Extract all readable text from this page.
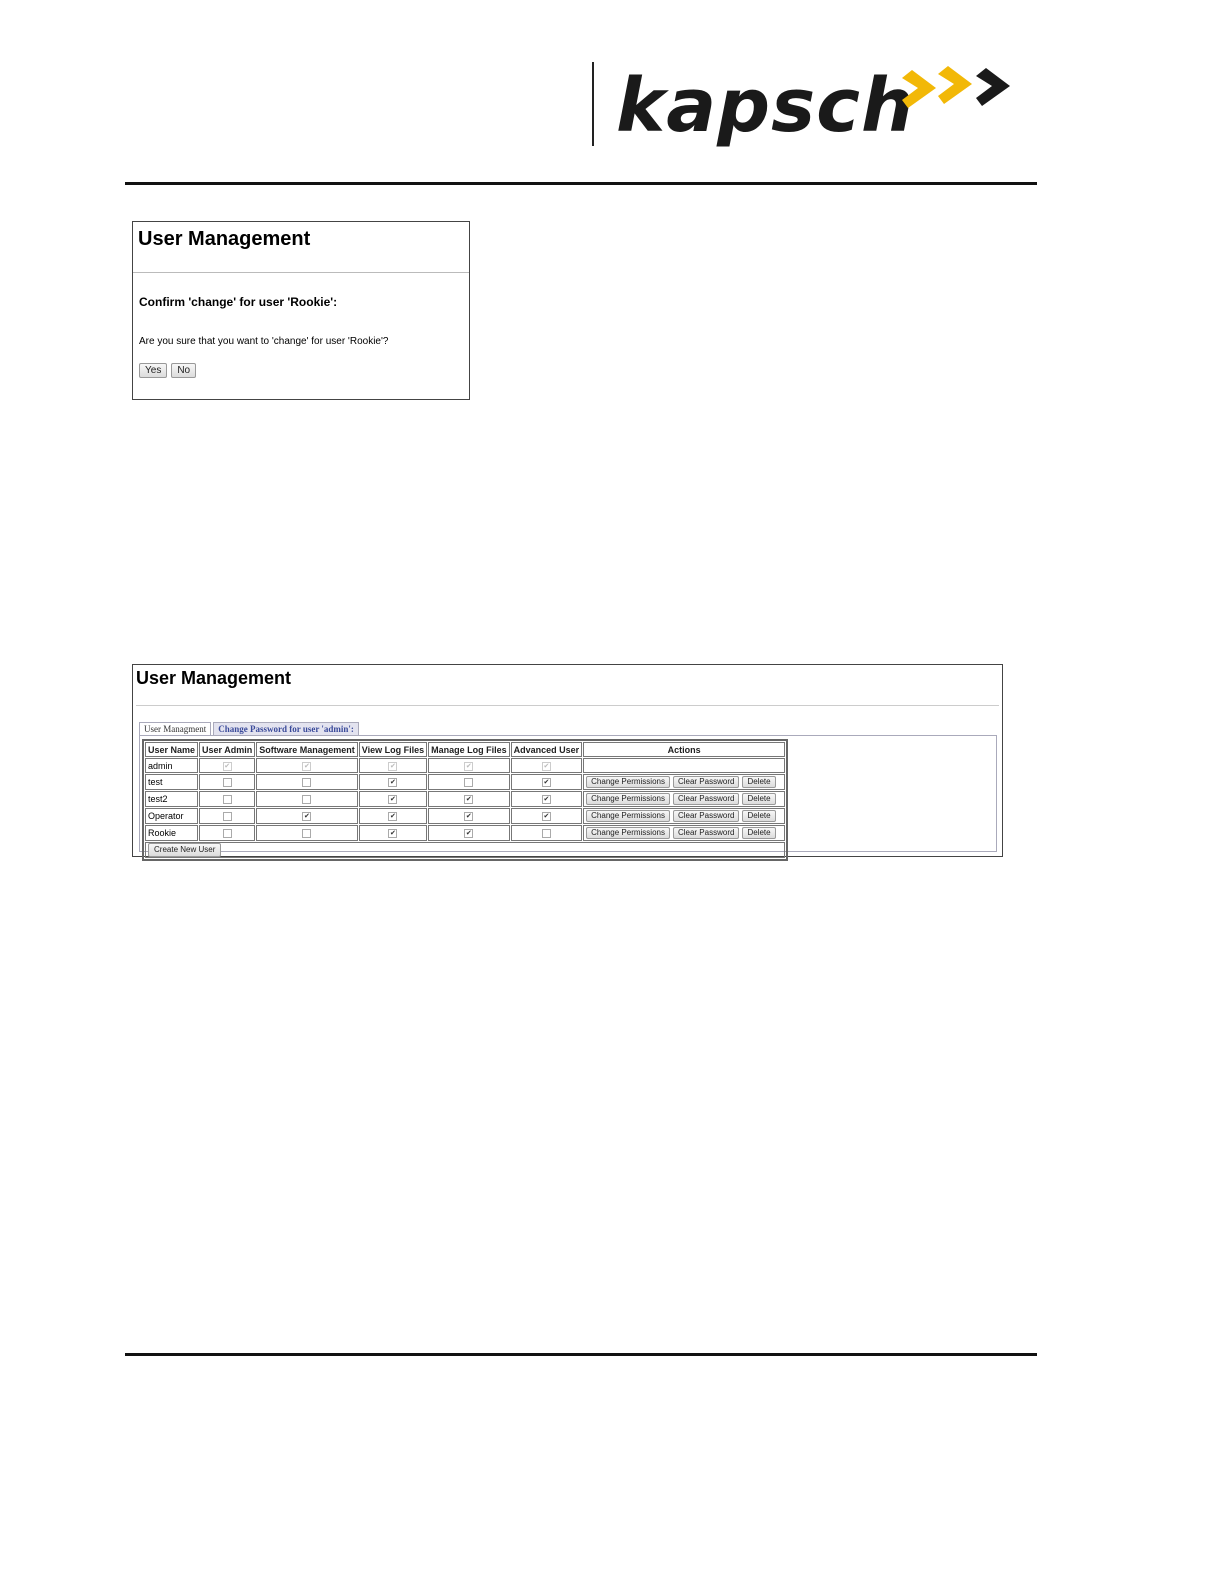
kapsch
User Management
Confirm 'change' for user 'Rookie':
Are you sure that you want to 'change' for user 'Rookie'?
Yes	No
User Management
User Managment	Change Password for user 'admin':
User Name	User Admin	Software Management	View Log Files	Manage Log Files	Advanced User	Actions
admin	✔	✔	✔	✔	✔	
test			✔		✔	Change Permissions Clear Password Delete

test2			✔	✔	✔	Change Permissions Clear Password Delete

Operator		✔	✔	✔	✔	Change Permissions Clear Password Delete

Rookie			✔	✔		Change Permissions Clear Password Delete

Create New User						
